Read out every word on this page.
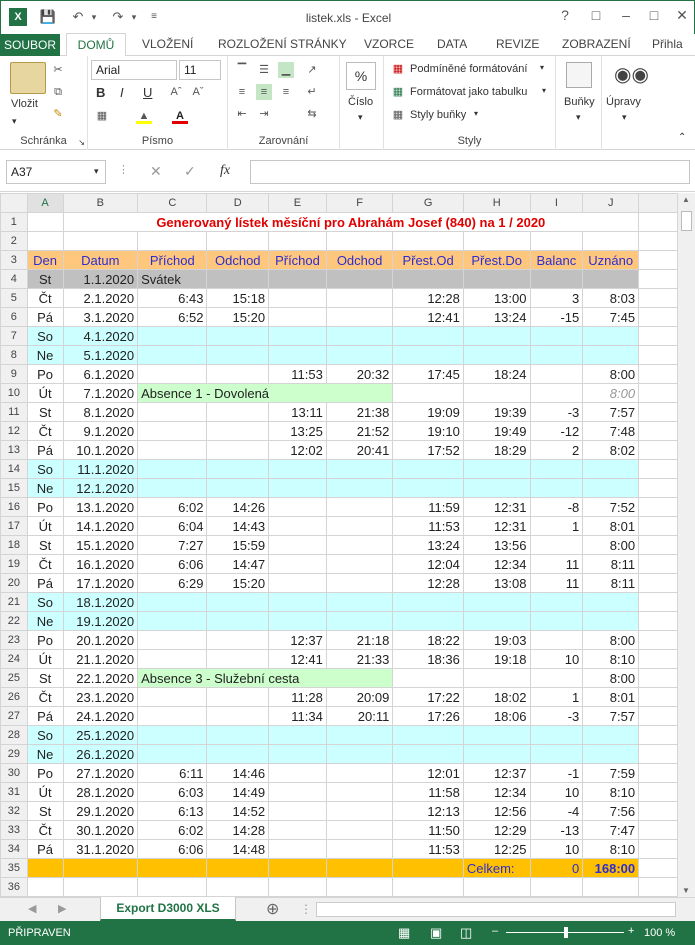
X	💾 ↶ ▾	↷ ▾	≡	listek.xls - Excel	?	□	–	□	✕
SOUBOR	DOMŮ	VLOŽENÍ ROZLOŽENÍ STRÁNKY VZORCE DATA REVIZE ZOBRAZENÍ Přihla
Vložit
▾
✂
⧉
✎
Schránka	↘
Arial	11
B I U Aˆ Aˇ
▦	▲	A
Písmo
▔	☰	▁	↗
≡	≡	≡	↵
⇤	⇥	⇆
Zarovnání
%
Číslo
▾
▦ Podmíněné formátování ▾
▦ Formátovat jako tabulku ▾
▦ Styly buňky ▾
Styly
Buňky
▾
◉◉
Úpravy
▾
⌃
A37	▾ ⋮ ✕ ✓ fx
	A	B	C	D	E	F	G	H	I	J	
1		Generovaný lístek měsíční pro Abrahám Josef (840) na 1 / 2020									
2											
3	Den	Datum	Příchod	Odchod	Příchod	Odchod	Přest.Od	Přest.Do	Balanc	Uznáno	
4	St	1.1.2020	Svátek								
5	Čt	2.1.2020	6:43	15:18			12:28	13:00	3	8:03	
6	Pá	3.1.2020	6:52	15:20			12:41	13:24	-15	7:45	
7	So	4.1.2020									
8	Ne	5.1.2020									
9	Po	6.1.2020			11:53	20:32	17:45	18:24		8:00	
10	Út	7.1.2020	Absence 1 - Dovolená							8:00	
11	St	8.1.2020			13:11	21:38	19:09	19:39	-3	7:57	
12	Čt	9.1.2020			13:25	21:52	19:10	19:49	-12	7:48	
13	Pá	10.1.2020			12:02	20:41	17:52	18:29	2	8:02	
14	So	11.1.2020									
15	Ne	12.1.2020									
16	Po	13.1.2020	6:02	14:26			11:59	12:31	-8	7:52	
17	Út	14.1.2020	6:04	14:43			11:53	12:31	1	8:01	
18	St	15.1.2020	7:27	15:59			13:24	13:56		8:00	
19	Čt	16.1.2020	6:06	14:47			12:04	12:34	11	8:11	
20	Pá	17.1.2020	6:29	15:20			12:28	13:08	11	8:11	
21	So	18.1.2020									
22	Ne	19.1.2020									
23	Po	20.1.2020			12:37	21:18	18:22	19:03		8:00	
24	Út	21.1.2020			12:41	21:33	18:36	19:18	10	8:10	
25	St	22.1.2020	Absence 3 - Služební cesta							8:00	
26	Čt	23.1.2020			11:28	20:09	17:22	18:02	1	8:01	
27	Pá	24.1.2020			11:34	20:11	17:26	18:06	-3	7:57	
28	So	25.1.2020									
29	Ne	26.1.2020									
30	Po	27.1.2020	6:11	14:46			12:01	12:37	-1	7:59	
31	Út	28.1.2020	6:03	14:49			11:58	12:34	10	8:10	
32	St	29.1.2020	6:13	14:52			12:13	12:56	-4	7:56	
33	Čt	30.1.2020	6:02	14:28			11:50	12:29	-13	7:47	
34	Pá	31.1.2020	6:06	14:48			11:53	12:25	10	8:10	
35								Celkem:	0	168:00	
36											
▲
▼
◀ ▶	Export D3000 XLS	⊕ ⋮
PŘIPRAVEN	▦ ▣ ◫ –	+ 100 %
